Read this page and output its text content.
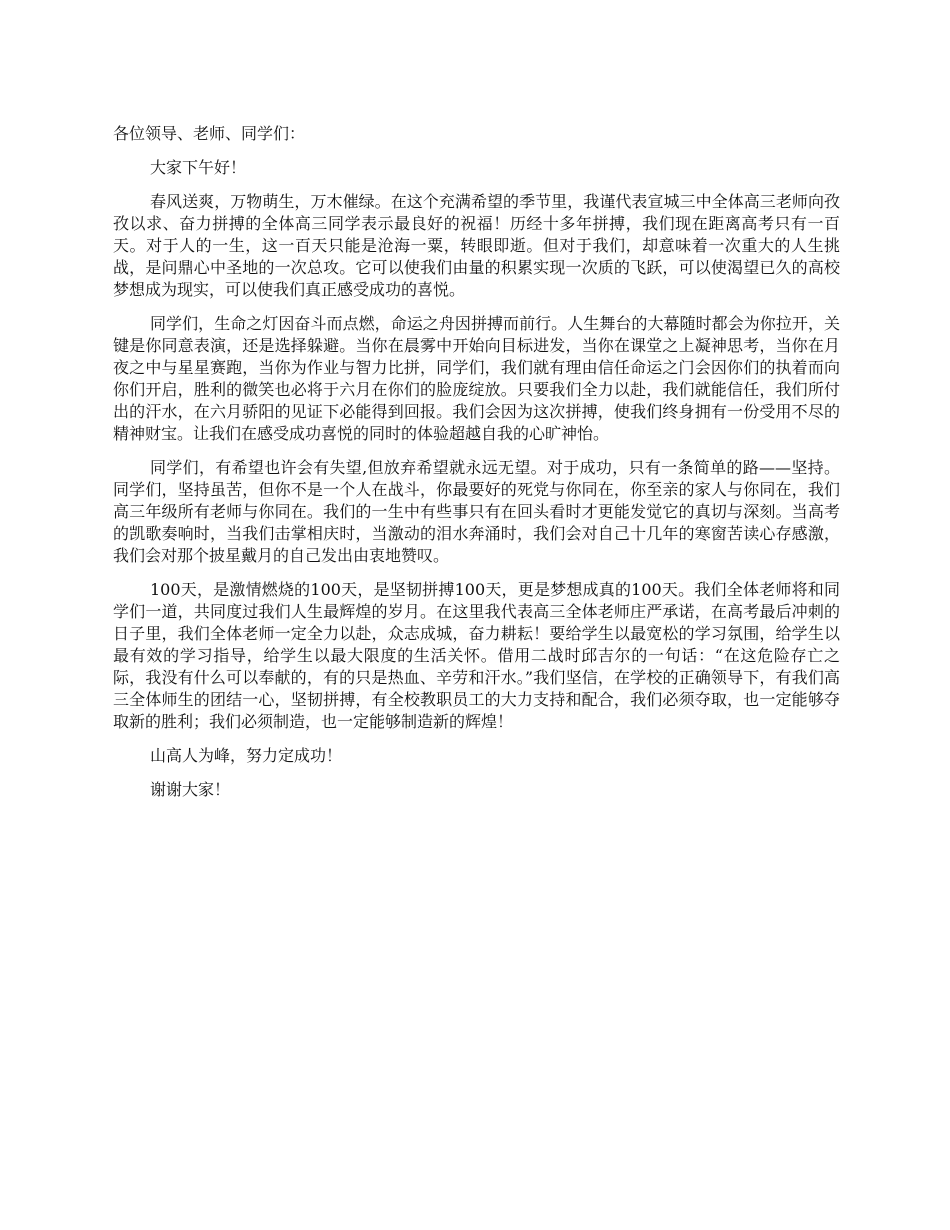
各位领导、老师、同学们：

大家下午好！

春风送爽，万物萌生，万木催绿。在这个充满希望的季节里，我谨代表宣城三中全体高三老师向孜孜以求、奋力拼搏的全体高三同学表示最良好的祝福！历经十多年拼搏，我们现在距离高考只有一百天。对于人的一生，这一百天只能是沧海一粟，转眼即逝。但对于我们，却意味着一次重大的人生挑战，是问鼎心中圣地的一次总攻。它可以使我们由量的积累实现一次质的飞跃，可以使渴望已久的高校梦想成为现实，可以使我们真正感受成功的喜悦。

同学们，生命之灯因奋斗而点燃，命运之舟因拼搏而前行。人生舞台的大幕随时都会为你拉开，关键是你同意表演，还是选择躲避。当你在晨雾中开始向目标进发，当你在课堂之上凝神思考，当你在月夜之中与星星赛跑，当你为作业与智力比拼，同学们，我们就有理由信任命运之门会因你们的执着而向你们开启，胜利的微笑也必将于六月在你们的脸庞绽放。只要我们全力以赴，我们就能信任，我们所付出的汗水，在六月骄阳的见证下必能得到回报。我们会因为这次拼搏，使我们终身拥有一份受用不尽的精神财宝。让我们在感受成功喜悦的同时的体验超越自我的心旷神怡。

同学们，有希望也许会有失望,但放弃希望就永远无望。对于成功，只有一条简单的路——坚持。同学们，坚持虽苦，但你不是一个人在战斗，你最要好的死党与你同在，你至亲的家人与你同在，我们高三年级所有老师与你同在。我们的一生中有些事只有在回头看时才更能发觉它的真切与深刻。当高考的凯歌奏响时，当我们击掌相庆时，当激动的泪水奔涌时，我们会对自己十几年的寒窗苦读心存感激，我们会对那个披星戴月的自己发出由衷地赞叹。

100天，是激情燃烧的100天，是坚韧拼搏100天，更是梦想成真的100天。我们全体老师将和同学们一道，共同度过我们人生最辉煌的岁月。在这里我代表高三全体老师庄严承诺，在高考最后冲刺的日子里，我们全体老师一定全力以赴，众志成城，奋力耕耘！要给学生以最宽松的学习氛围，给学生以最有效的学习指导，给学生以最大限度的生活关怀。借用二战时邱吉尔的一句话：“在这危险存亡之际，我没有什么可以奉献的，有的只是热血、辛劳和汗水。”我们坚信，在学校的正确领导下，有我们高三全体师生的团结一心，坚韧拼搏，有全校教职员工的大力支持和配合，我们必须夺取，也一定能够夺取新的胜利；我们必须制造，也一定能够制造新的辉煌！

山高人为峰，努力定成功！

谢谢大家！
